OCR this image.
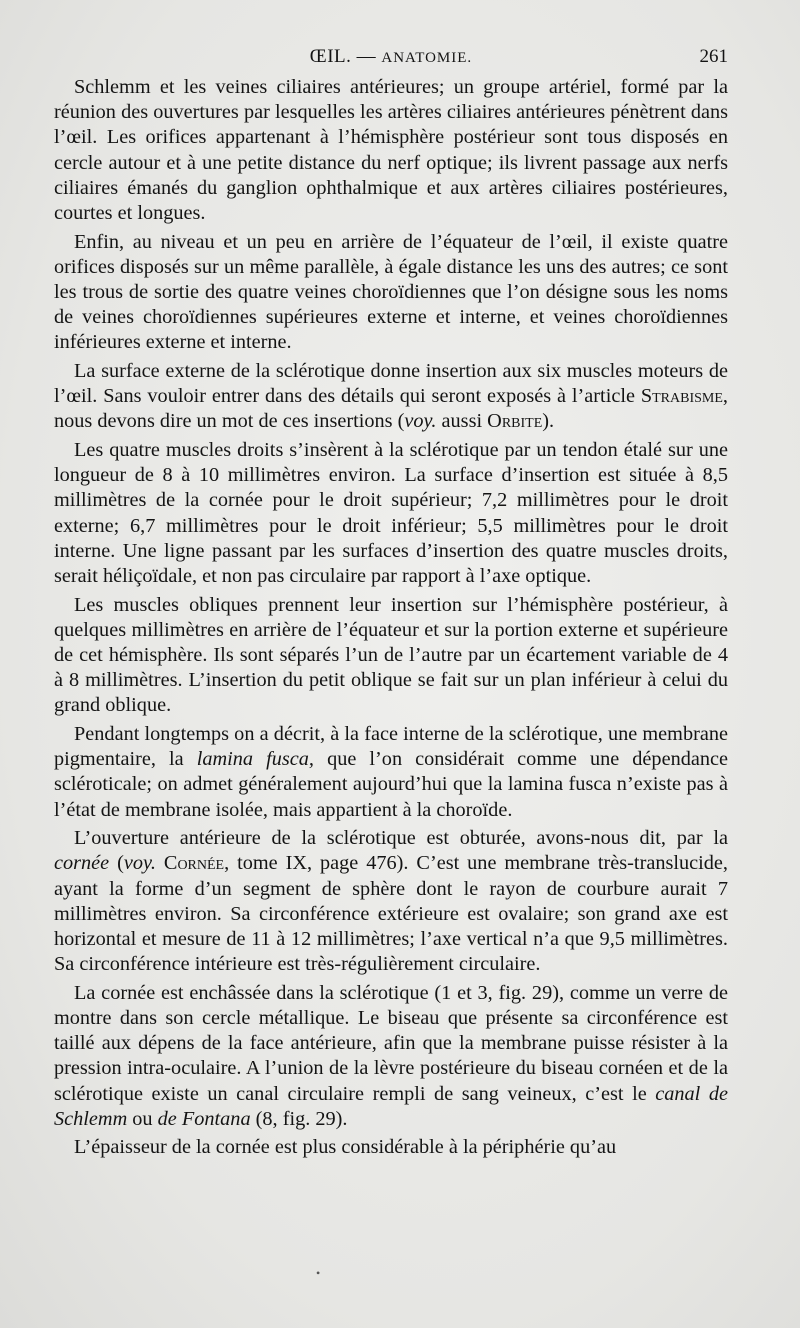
ŒIL. — ANATOMIE.	261

Schlemm et les veines ciliaires antérieures; un groupe artériel, formé par la réunion des ouvertures par lesquelles les artères ciliaires antérieures pénètrent dans l’œil. Les orifices appartenant à l’hémisphère postérieur sont tous disposés en cercle autour et à une petite distance du nerf optique; ils livrent passage aux nerfs ciliaires émanés du ganglion ophthalmique et aux artères ciliaires postérieures, courtes et longues.

Enfin, au niveau et un peu en arrière de l’équateur de l’œil, il existe quatre orifices disposés sur un même parallèle, à égale distance les uns des autres; ce sont les trous de sortie des quatre veines choroïdiennes que l’on désigne sous les noms de veines choroïdiennes supérieures externe et interne, et veines choroïdiennes inférieures externe et interne.

La surface externe de la sclérotique donne insertion aux six muscles moteurs de l’œil. Sans vouloir entrer dans des détails qui seront exposés à l’article Strabisme, nous devons dire un mot de ces insertions (voy. aussi Orbite).

Les quatre muscles droits s’insèrent à la sclérotique par un tendon étalé sur une longueur de 8 à 10 millimètres environ. La surface d’insertion est située à 8,5 millimètres de la cornée pour le droit supérieur; 7,2 millimètres pour le droit externe; 6,7 millimètres pour le droit inférieur; 5,5 millimètres pour le droit interne. Une ligne passant par les surfaces d’insertion des quatre muscles droits, serait héliçoïdale, et non pas circulaire par rapport à l’axe optique.

Les muscles obliques prennent leur insertion sur l’hémisphère postérieur, à quelques millimètres en arrière de l’équateur et sur la portion externe et supérieure de cet hémisphère. Ils sont séparés l’un de l’autre par un écartement variable de 4 à 8 millimètres. L’insertion du petit oblique se fait sur un plan inférieur à celui du grand oblique.

Pendant longtemps on a décrit, à la face interne de la sclérotique, une membrane pigmentaire, la lamina fusca, que l’on considérait comme une dépendance scléroticale; on admet généralement aujourd’hui que la lamina fusca n’existe pas à l’état de membrane isolée, mais appartient à la choroïde.

L’ouverture antérieure de la sclérotique est obturée, avons-nous dit, par la cornée (voy. Cornée, tome IX, page 476). C’est une membrane très-translucide, ayant la forme d’un segment de sphère dont le rayon de courbure aurait 7 millimètres environ. Sa circonférence extérieure est ovalaire; son grand axe est horizontal et mesure de 11 à 12 millimètres; l’axe vertical n’a que 9,5 millimètres. Sa circonférence intérieure est très-régulièrement circulaire.

La cornée est enchâssée dans la sclérotique (1 et 3, fig. 29), comme un verre de montre dans son cercle métallique. Le biseau que présente sa circonférence est taillé aux dépens de la face antérieure, afin que la membrane puisse résister à la pression intra-oculaire. A l’union de la lèvre postérieure du biseau cornéen et de la sclérotique existe un canal circulaire rempli de sang veineux, c’est le canal de Schlemm ou de Fontana (8, fig. 29).

L’épaisseur de la cornée est plus considérable à la périphérie qu’au

•
